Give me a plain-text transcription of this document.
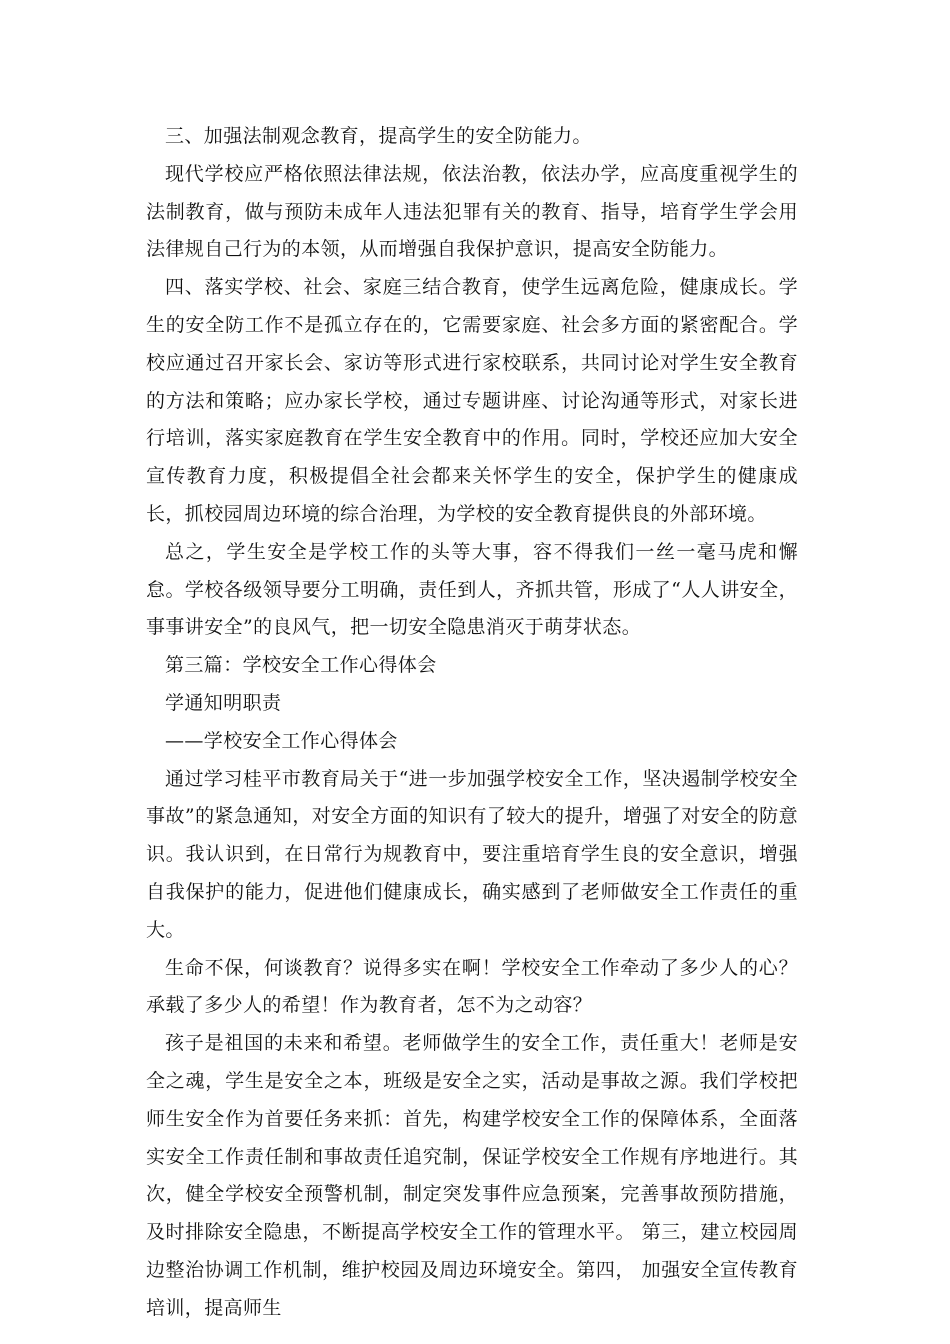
三、加强法制观念教育，提高学生的安全防能力。

现代学校应严格依照法律法规，依法治教，依法办学，应高度重视学生的法制教育，做与预防未成年人违法犯罪有关的教育、指导，培育学生学会用法律规自己行为的本领，从而增强自我保护意识，提高安全防能力。

四、落实学校、社会、家庭三结合教育，使学生远离危险，健康成长。学生的安全防工作不是孤立存在的，它需要家庭、社会多方面的紧密配合。学校应通过召开家长会、家访等形式进行家校联系，共同讨论对学生安全教育的方法和策略；应办家长学校，通过专题讲座、讨论沟通等形式，对家长进行培训，落实家庭教育在学生安全教育中的作用。同时，学校还应加大安全宣传教育力度，积极提倡全社会都来关怀学生的安全，保护学生的健康成长，抓校园周边环境的综合治理，为学校的安全教育提供良的外部环境。

总之，学生安全是学校工作的头等大事，容不得我们一丝一毫马虎和懈怠。学校各级领导要分工明确，责任到人，齐抓共管，形成了“人人讲安全，事事讲安全”的良风气，把一切安全隐患消灭于萌芽状态。

第三篇：学校安全工作心得体会

学通知明职责

——学校安全工作心得体会

通过学习桂平市教育局关于“进一步加强学校安全工作，坚决遏制学校安全事故”的紧急通知，对安全方面的知识有了较大的提升，增强了对安全的防意识。我认识到，在日常行为规教育中，要注重培育学生良的安全意识，增强自我保护的能力，促进他们健康成长，确实感到了老师做安全工作责任的重大。

生命不保，何谈教育？说得多实在啊！学校安全工作牵动了多少人的心？承载了多少人的希望！作为教育者，怎不为之动容？

孩子是祖国的未来和希望。老师做学生的安全工作，责任重大！老师是安全之魂，学生是安全之本，班级是安全之实，活动是事故之源。我们学校把师生安全作为首要任务来抓：首先，构建学校安全工作的保障体系，全面落实安全工作责任制和事故责任追究制，保证学校安全工作规有序地进行。其次，健全学校安全预警机制，制定突发事件应急预案，完善事故预防措施，及时排除安全隐患，不断提高学校安全工作的管理水平。 第三，建立校园周边整治协调工作机制，维护校园及周边环境安全。第四， 加强安全宣传教育培训，提高师生
